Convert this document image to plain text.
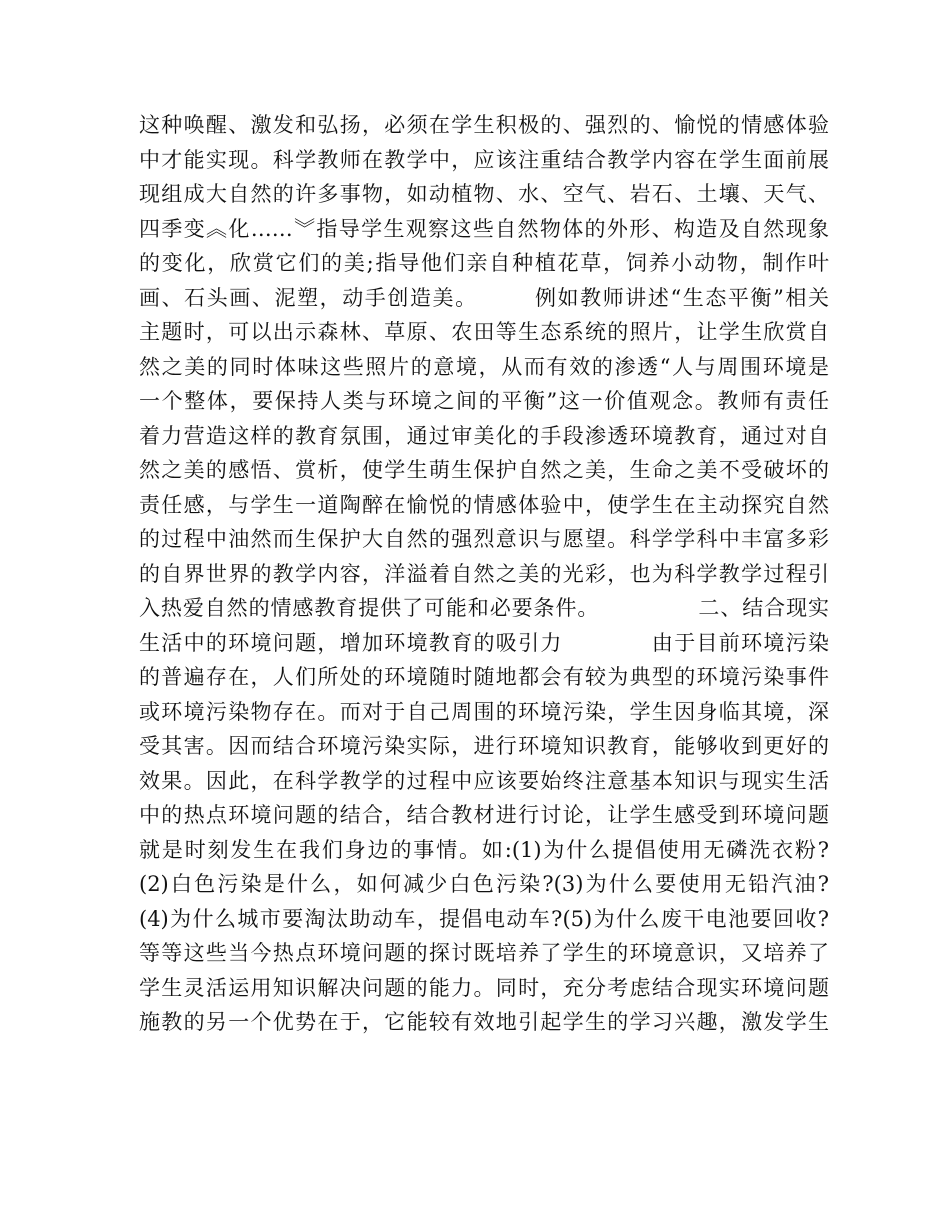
这种唤醒、激发和弘扬，必须在学生积极的、强烈的、愉悦的情感体验
中才能实现。科学教师在教学中，应该注重结合教学内容在学生面前展
现组成大自然的许多事物，如动植物、水、空气、岩石、土壤、天气、
四季变︽化……︾指导学生观察这些自然物体的外形、构造及自然现象
的变化，欣赏它们的美;指导他们亲自种植花草，饲养小动物，制作叶
画、石头画、泥塑，动手创造美。　　　例如教师讲述“生态平衡”相关
主题时，可以出示森林、草原、农田等生态系统的照片，让学生欣赏自
然之美的同时体味这些照片的意境，从而有效的渗透“人与周围环境是
一个整体，要保持人类与环境之间的平衡”这一价值观念。教师有责任
着力营造这样的教育氛围，通过审美化的手段渗透环境教育，通过对自
然之美的感悟、赏析，使学生萌生保护自然之美，生命之美不受破坏的
责任感，与学生一道陶醉在愉悦的情感体验中，使学生在主动探究自然
的过程中油然而生保护大自然的强烈意识与愿望。科学学科中丰富多彩
的自界世界的教学内容，洋溢着自然之美的光彩，也为科学教学过程引
入热爱自然的情感教育提供了可能和必要条件。　　　　　二、结合现实
生活中的环境问题，增加环境教育的吸引力　　　　由于目前环境污染
的普遍存在，人们所处的环境随时随地都会有较为典型的环境污染事件
或环境污染物存在。而对于自己周围的环境污染，学生因身临其境，深
受其害。因而结合环境污染实际，进行环境知识教育，能够收到更好的
效果。因此，在科学教学的过程中应该要始终注意基本知识与现实生活
中的热点环境问题的结合，结合教材进行讨论，让学生感受到环境问题
就是时刻发生在我们身边的事情。如:(1)为什么提倡使用无磷洗衣粉?
(2)白色污染是什么，如何减少白色污染?(3)为什么要使用无铅汽油?
(4)为什么城市要淘汰助动车，提倡电动车?(5)为什么废干电池要回收?
等等这些当今热点环境问题的探讨既培养了学生的环境意识，又培养了
学生灵活运用知识解决问题的能力。同时，充分考虑结合现实环境问题
施教的另一个优势在于，它能较有效地引起学生的学习兴趣，激发学生
